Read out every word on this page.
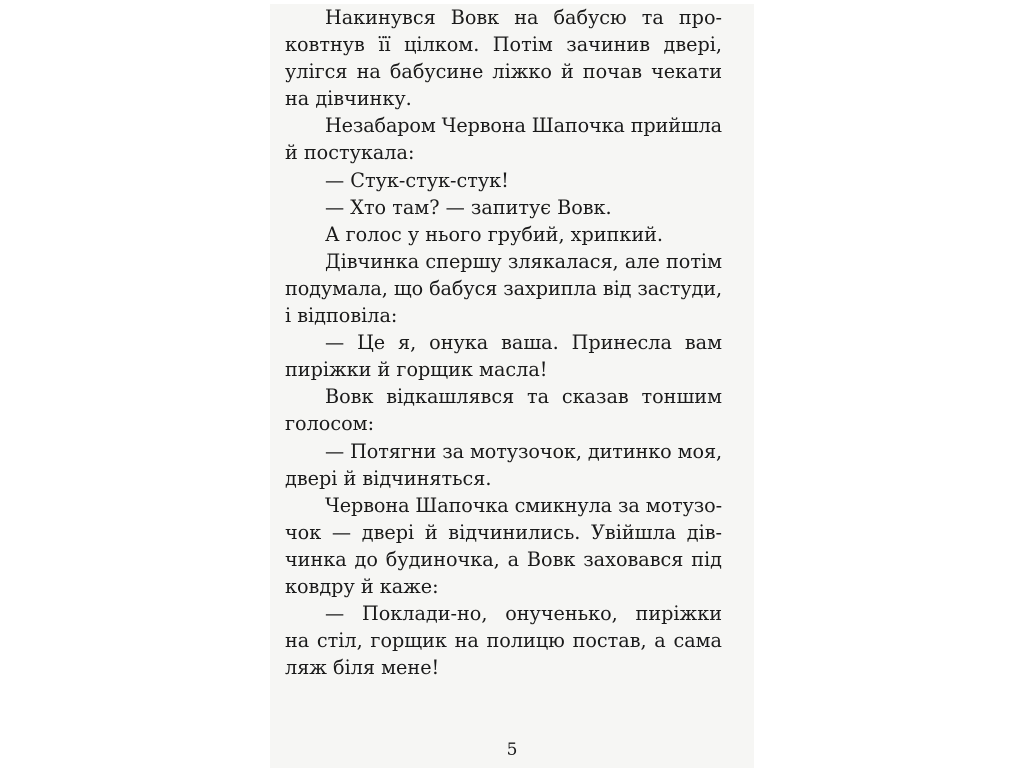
Накинувся Вовк на бабусю та про-
ковтнув її цілком. Потім зачинив двері,
улігся на бабусине ліжко й почав чекати
на дівчинку.
Незабаром Червона Шапочка прийшла
й постукала:
— Стук-стук-стук!
— Хто там? — запитує Вовк.
А голос у нього грубий, хрипкий.
Дівчинка спершу злякалася, але потім
подумала, що бабуся захрипла від застуди,
і відповіла:
— Це я, онука ваша. Принесла вам
пиріжки й горщик масла!
Вовк відкашлявся та сказав тоншим
голосом:
— Потягни за мотузочок, дитинко моя,
двері й відчиняться.
Червона Шапочка смикнула за мотузо-
чок — двері й відчинились. Увійшла дів-
чинка до будиночка, а Вовк заховався під
ковдру й каже:
— Поклади-но, онученько, пиріжки
на стіл, горщик на полицю постав, а сама
ляж біля мене!
5
